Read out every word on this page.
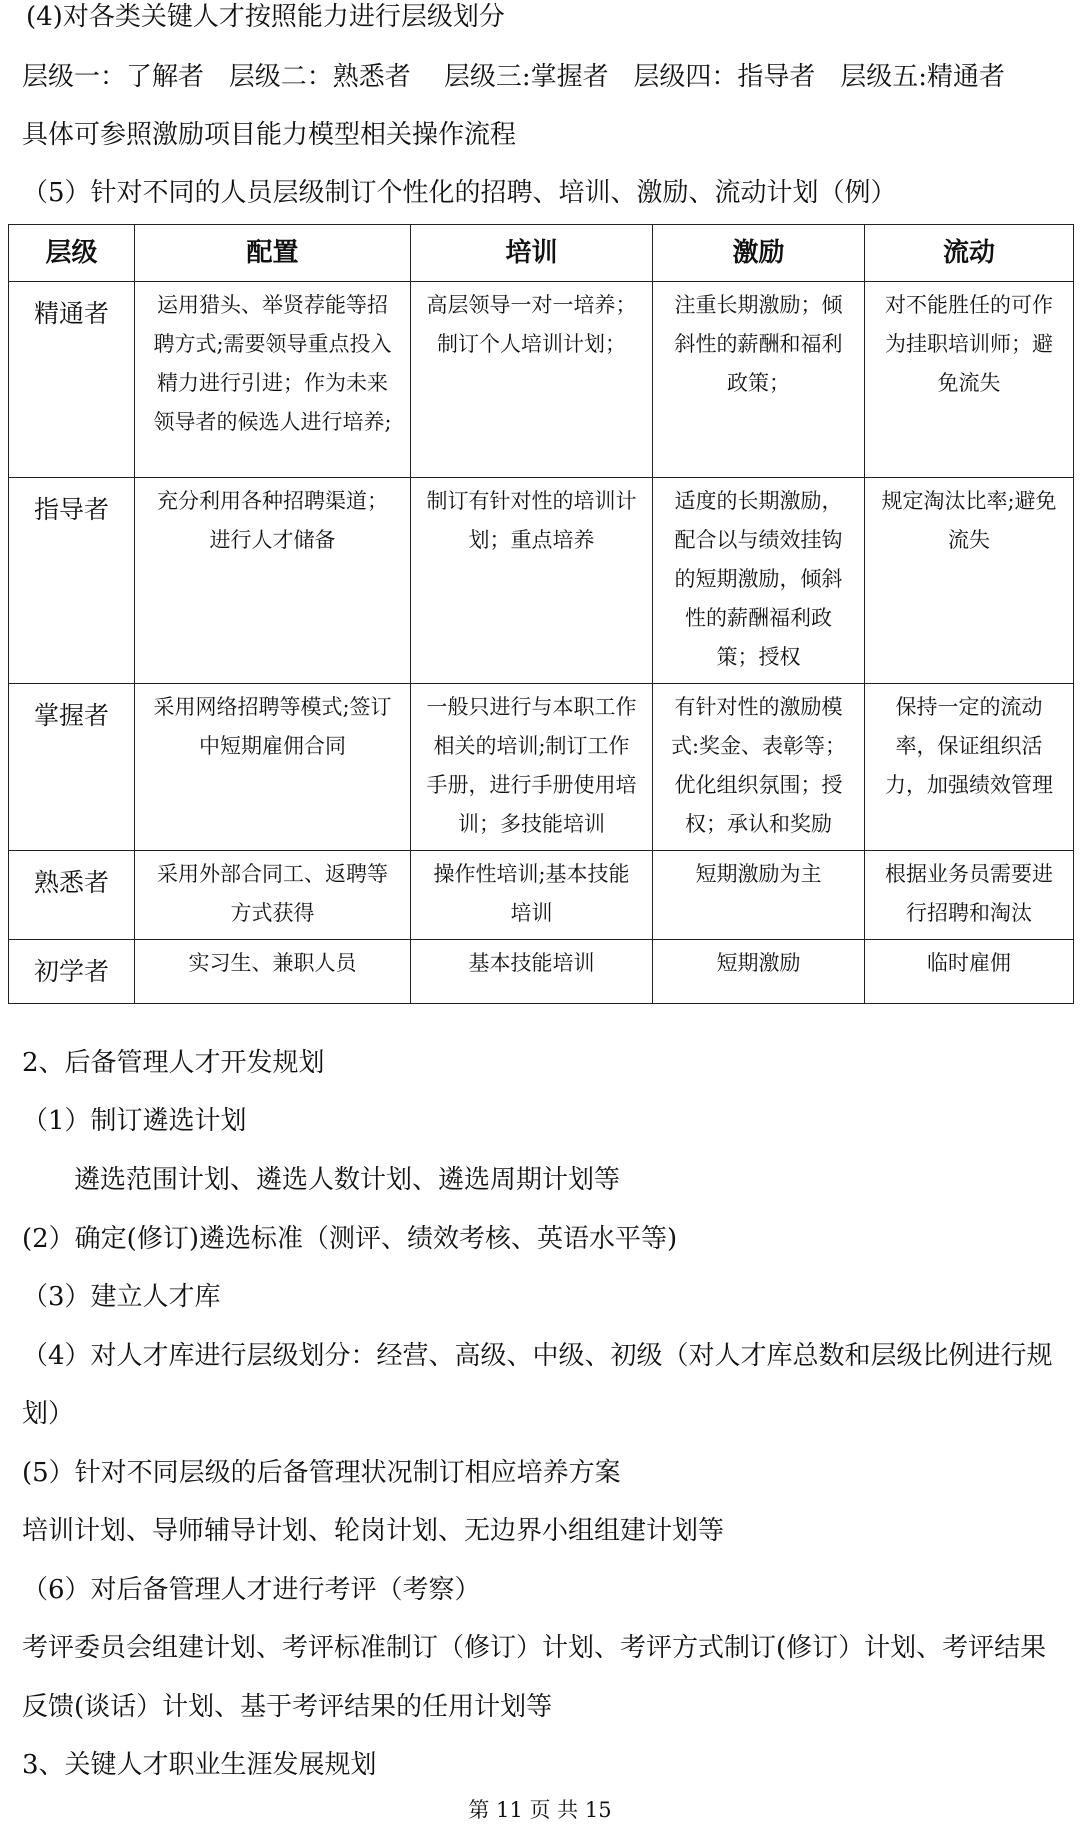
(4)对各类关键人才按照能力进行层级划分
层级一：了解者   层级二：熟悉者    层级三:掌握者   层级四：指导者   层级五:精通者
具体可参照激励项目能力模型相关操作流程
（5）针对不同的人员层级制订个性化的招聘、培训、激励、流动计划（例）
层级	配置	培训	激励	流动
精通者	运用猎头、举贤荐能等招聘方式;需要领导重点投入精力进行引进；作为未来领导者的候选人进行培养;	高层领导一对一培养；制订个人培训计划；	注重长期激励；倾斜性的薪酬和福利政策；	对不能胜任的可作为挂职培训师；避免流失
指导者	充分利用各种招聘渠道；进行人才储备	制订有针对性的培训计划；重点培养	适度的长期激励，配合以与绩效挂钩的短期激励，倾斜性的薪酬福利政策；授权	规定淘汰比率;避免流失
掌握者	采用网络招聘等模式;签订中短期雇佣合同	一般只进行与本职工作相关的培训;制订工作手册，进行手册使用培训；多技能培训	有针对性的激励模式:奖金、表彰等；优化组织氛围；授权；承认和奖励	保持一定的流动率，保证组织活力，加强绩效管理
熟悉者	采用外部合同工、返聘等方式获得	操作性培训;基本技能培训	短期激励为主	根据业务员需要进行招聘和淘汰
初学者	实习生、兼职人员	基本技能培训	短期激励	临时雇佣
2、后备管理人才开发规划
（1）制订遴选计划
遴选范围计划、遴选人数计划、遴选周期计划等
(2）确定(修订)遴选标准（测评、绩效考核、英语水平等)
（3）建立人才库
（4）对人才库进行层级划分：经营、高级、中级、初级（对人才库总数和层级比例进行规
划）
(5）针对不同层级的后备管理状况制订相应培养方案
培训计划、导师辅导计划、轮岗计划、无边界小组组建计划等
（6）对后备管理人才进行考评（考察）
考评委员会组建计划、考评标准制订（修订）计划、考评方式制订(修订）计划、考评结果
反馈(谈话）计划、基于考评结果的任用计划等
3、关键人才职业生涯发展规划
第 11 页 共 15
